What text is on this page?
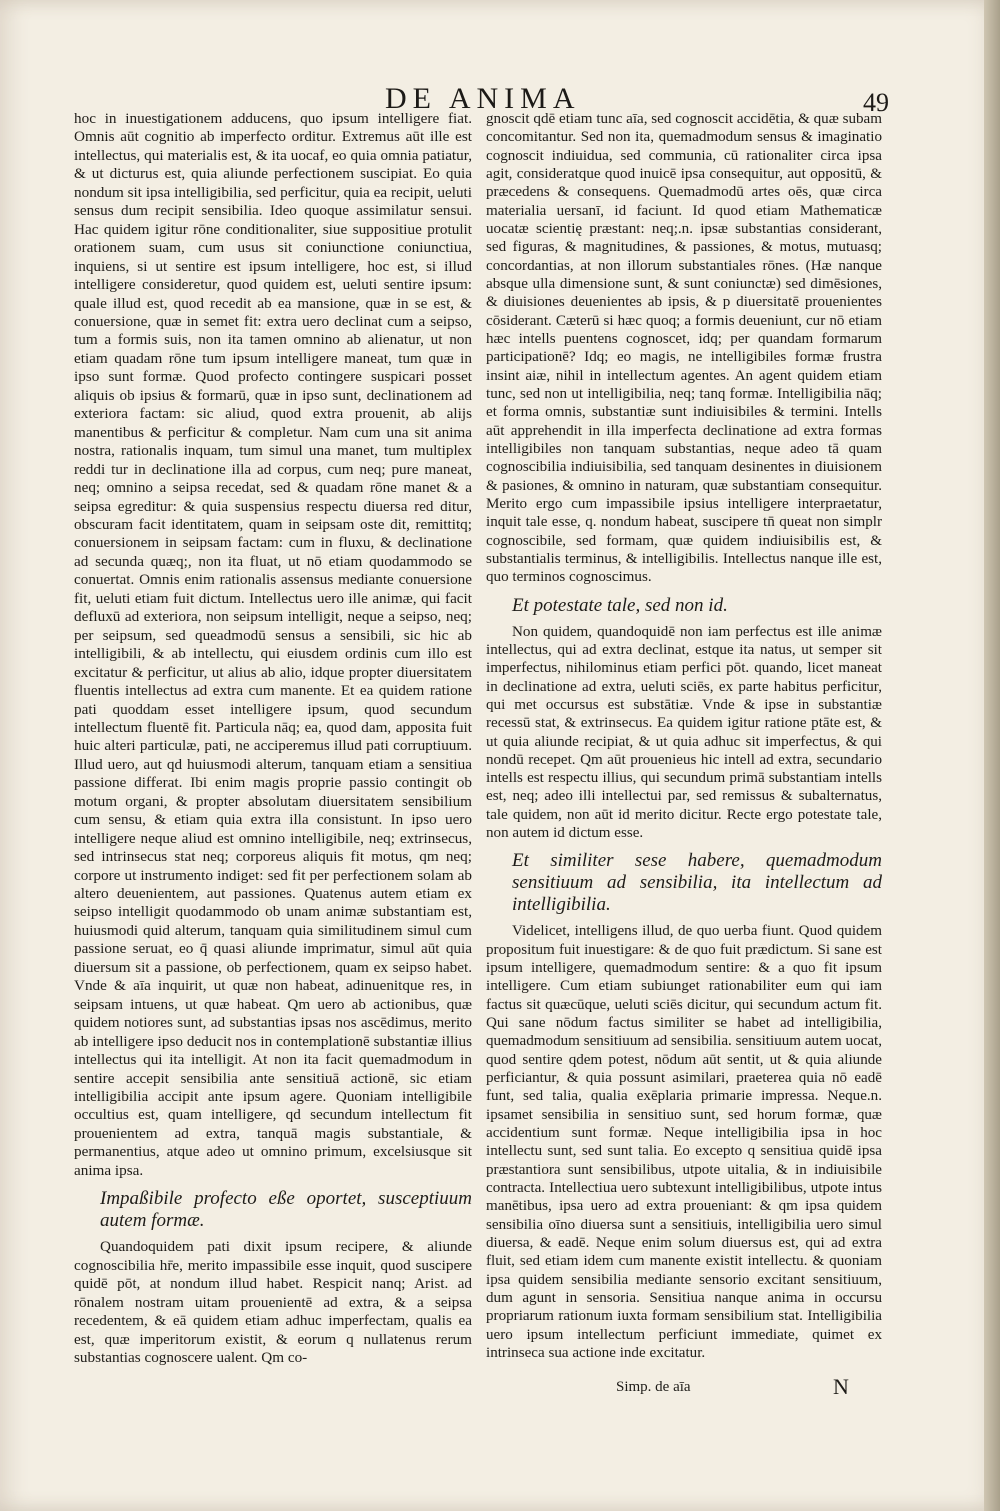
DE ANIMA	49

hoc in inuestigationem adducens, quo ipsum intelligere fiat. Omnis aūt cognitio ab imperfecto orditur. Extremus aūt ille est intellectus, qui materialis est, & ita uocaf, eo quia omnia patiatur, & ut dicturus est, quia aliunde perfectionem suscipiat. Eo quia nondum sit ipsa intelligibilia, sed perficitur, quia ea recipit, ueluti sensus dum recipit sensibilia. Ideo quoque assimilatur sensui. Hac quidem igitur rōne conditionaliter, siue suppositiue protulit orationem suam, cum usus sit coniunctione coniunctiua, inquiens, si ut sentire est ipsum intelligere, hoc est, si illud intelligere consideretur, quod quidem est, ueluti sentire ipsum: quale illud est, quod recedit ab ea mansione, quæ in se est, & conuersione, quæ in semet fit: extra uero declinat cum a seipso, tum a formis suis, non ita tamen omnino ab alienatur, ut non etiam quadam rōne tum ipsum intelligere maneat, tum quæ in ipso sunt formæ. Quod profecto contingere suspicari posset aliquis ob ipsius & formarū, quæ in ipso sunt, declinationem ad exteriora factam: sic aliud, quod extra prouenit, ab alijs manentibus & perficitur & completur. Nam cum una sit anima nostra, rationalis inquam, tum simul una manet, tum multiplex reddi tur in declinatione illa ad corpus, cum neq; pure maneat, neq; omnino a seipsa recedat, sed & quadam rōne manet & a seipsa egreditur: & quia suspensius respectu diuersa red ditur, obscuram facit identitatem, quam in seipsam oste dit, remittitq; conuersionem in seipsam factam: cum in fluxu, & declinatione ad secunda quæq;, non ita fluat, ut nō etiam quodammodo se conuertat. Omnis enim rationalis assensus mediante conuersione fit, ueluti etiam fuit dictum. Intellectus uero ille animæ, qui facit defluxū ad exteriora, non seipsum intelligit, neque a seipso, neq; per seipsum, sed queadmodū sensus a sensibili, sic hic ab intelligibili, & ab intellectu, qui eiusdem ordinis cum illo est excitatur & perficitur, ut alius ab alio, idque propter diuersitatem fluentis intellectus ad extra cum manente. Et ea quidem ratione pati quoddam esset intelligere ipsum, quod secundum intellectum fluentē fit. Particula nāq; ea, quod dam, apposita fuit huic alteri particulæ, pati, ne acciperemus illud pati corruptiuum. Illud uero, aut qd huiusmodi alterum, tanquam etiam a sensitiua passione differat. Ibi enim magis proprie passio contingit ob motum organi, & propter absolutam diuersitatem sensibilium cum sensu, & etiam quia extra illa consistunt. In ipso uero intelligere neque aliud est omnino intelligibile, neq; extrinsecus, sed intrinsecus stat neq; corporeus aliquis fit motus, qm neq; corpore ut instrumento indiget: sed fit per perfectionem solam ab altero deuenientem, aut passiones. Quatenus autem etiam ex seipso intelligit quodammodo ob unam animæ substantiam est, huiusmodi quid alterum, tanquam quia similitudinem simul cum passione seruat, eo q̄ quasi aliunde imprimatur, simul aūt quia diuersum sit a passione, ob perfectionem, quam ex seipso habet. Vnde & aīa inquirit, ut quæ non habeat, adinuenitque res, in seipsam intuens, ut quæ habeat. Qm uero ab actionibus, quæ quidem notiores sunt, ad substantias ipsas nos ascēdimus, merito ab intelligere ipso deducit nos in contemplationē substantiæ illius intellectus qui ita intelligit. At non ita facit quemadmodum in sentire accepit sensibilia ante sensitiuā actionē, sic etiam intelligibilia accipit ante ipsum agere. Quoniam intelligibile occultius est, quam intelligere, qd secundum intellectum fit prouenientem ad extra, tanquā magis substantiale, & permanentius, atque adeo ut omnino primum, excelsiusque sit anima ipsa.

Impaßibile profecto eße oportet, susceptiuum autem formæ.

Quandoquidem pati dixit ipsum recipere, & aliunde cognoscibilia hr̄e, merito impassibile esse inquit, quod suscipere quidē pōt, at nondum illud habet. Respicit nanq; Arist. ad rōnalem nostram uitam prouenientē ad extra, & a seipsa recedentem, & eā quidem etiam adhuc imperfectam, qualis ea est, quæ imperitorum existit, & eorum q nullatenus rerum substantias cognoscere ualent. Qm co-

gnoscit qdē etiam tunc aīa, sed cognoscit accidētia, & quæ subam concomitantur. Sed non ita, quemadmodum sensus & imaginatio cognoscit indiuidua, sed communia, cū rationaliter circa ipsa agit, consideratque quod inuicē ipsa consequitur, aut oppositū, & præcedens & consequens. Quemadmodū artes oēs, quæ circa materialia uersanī, id faciunt. Id quod etiam Mathematicæ uocatæ scientię præstant: neq;.n. ipsæ substantias considerant, sed figuras, & magnitudines, & passiones, & motus, mutuasq; concordantias, at non illorum substantiales rōnes. (Hæ nanque absque ulla dimensione sunt, & sunt coniunctæ) sed dimēsiones, & diuisiones deuenientes ab ipsis, & p diuersitatē prouenientes cōsiderant. Cæterū si hæc quoq; a formis deueniunt, cur nō etiam hæc intells puentens cognoscet, idq; per quandam formarum participationē? Idq; eo magis, ne intelligibiles formæ frustra insint aiæ, nihil in intellectum agentes. An agent quidem etiam tunc, sed non ut intelligibilia, neq; tanq formæ. Intelligibilia nāq; et forma omnis, substantiæ sunt indiuisibiles & termini. Intells aūt apprehendit in illa imperfecta declinatione ad extra formas intelligibiles non tanquam substantias, neque adeo tā quam cognoscibilia indiuisibilia, sed tanquam desinentes in diuisionem & pasiones, & omnino in naturam, quæ substantiam consequitur. Merito ergo cum impassibile ipsius intelligere interpraetatur, inquit tale esse, q. nondum habeat, suscipere tn̄ queat non simplr cognoscibile, sed formam, quæ quidem indiuisibilis est, & substantialis terminus, & intelligibilis. Intellectus nanque ille est, quo terminos cognoscimus.

Et potestate tale, sed non id.

Non quidem, quandoquidē non iam perfectus est ille animæ intellectus, qui ad extra declinat, estque ita natus, ut semper sit imperfectus, nihilominus etiam perfici pōt. quando, licet maneat in declinatione ad extra, ueluti sciēs, ex parte habitus perficitur, qui met occursus est substātiæ. Vnde & ipse in substantiæ recessū stat, & extrinsecus. Ea quidem igitur ratione ptāte est, & ut quia aliunde recipiat, & ut quia adhuc sit imperfectus, & qui nondū recepet. Qm aūt prouenieus hic intell ad extra, secundario intells est respectu illius, qui secundum primā substantiam intells est, neq; adeo illi intellectui par, sed remissus & subalternatus, tale quidem, non aūt id merito dicitur. Recte ergo potestate tale, non autem id dictum esse.

Et similiter sese habere, quemadmodum sensitiuum ad sensibilia, ita intellectum ad intelligibilia.

Videlicet, intelligens illud, de quo uerba fiunt. Quod quidem propositum fuit inuestigare: & de quo fuit prædictum. Si sane est ipsum intelligere, quemadmodum sentire: & a quo fit ipsum intelligere. Cum etiam subiunget rationabiliter eum qui iam factus sit quæcūque, ueluti sciēs dicitur, qui secundum actum fit. Qui sane nōdum factus similiter se habet ad intelligibilia, quemadmodum sensitiuum ad sensibilia. sensitiuum autem uocat, quod sentire qdem potest, nōdum aūt sentit, ut & quia aliunde perficiantur, & quia possunt asimilari, praeterea quia nō eadē funt, sed talia, qualia exēplaria primarie impressa. Neque.n. ipsamet sensibilia in sensitiuo sunt, sed horum formæ, quæ accidentium sunt formæ. Neque intelligibilia ipsa in hoc intellectu sunt, sed sunt talia. Eo excepto q sensitiua quidē ipsa præstantiora sunt sensibilibus, utpote uitalia, & in indiuisibile contracta. Intellectiua uero subtexunt intelligibilibus, utpote intus manētibus, ipsa uero ad extra proueniant: & qm ipsa quidem sensibilia oīno diuersa sunt a sensitiuis, intelligibilia uero simul diuersa, & eadē. Neque enim solum diuersus est, qui ad extra fluit, sed etiam idem cum manente existit intellectu. & quoniam ipsa quidem sensibilia mediante sensorio excitant sensitiuum, dum agunt in sensoria. Sensitiua nanque anima in occursu propriarum rationum iuxta formam sensibilium stat. Intelligibilia uero ipsum intellectum perficiunt immediate, quimet ex intrinseca sua actione inde excitatur.

Simp. de aīa	N
